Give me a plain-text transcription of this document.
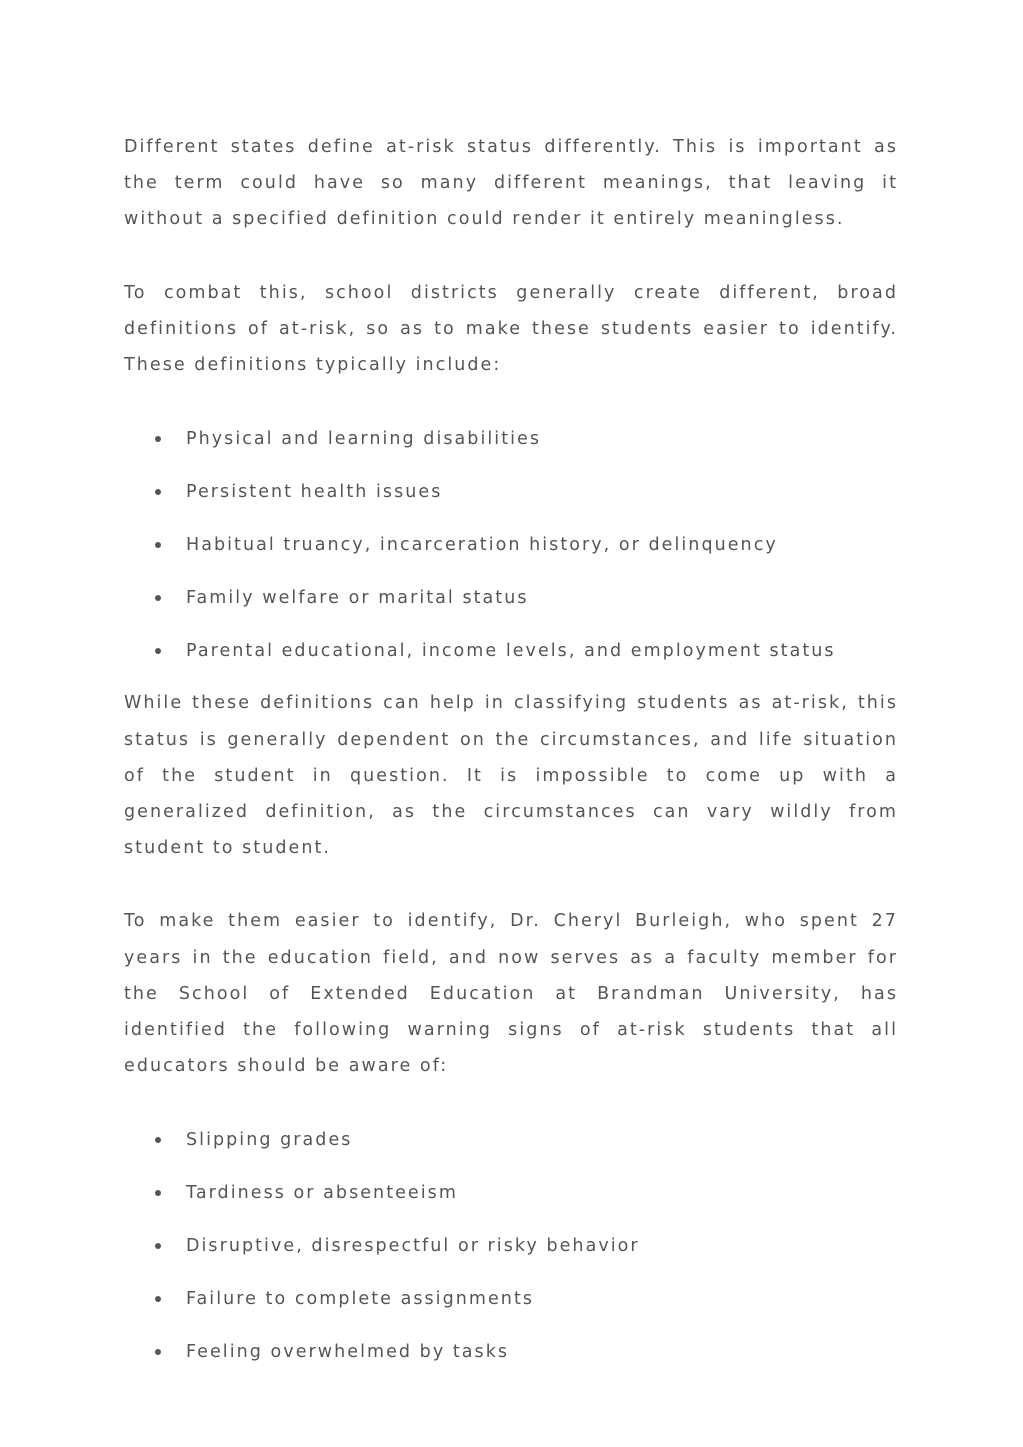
Different states define at-risk status differently. This is important as the term could have so many different meanings, that leaving it without a specified definition could render it entirely meaningless.

To combat this, school districts generally create different, broad definitions of at-risk, so as to make these students easier to identify. These definitions typically include:

Physical and learning disabilities
Persistent health issues
Habitual truancy, incarceration history, or delinquency
Family welfare or marital status
Parental educational, income levels, and employment status

While these definitions can help in classifying students as at-risk, this status is generally dependent on the circumstances, and life situation of the student in question. It is impossible to come up with a generalized definition, as the circumstances can vary wildly from student to student.

To make them easier to identify, Dr. Cheryl Burleigh, who spent 27 years in the education field, and now serves as a faculty member for the School of Extended Education at Brandman University, has identified the following warning signs of at-risk students that all educators should be aware of:

Slipping grades
Tardiness or absenteeism
Disruptive, disrespectful or risky behavior
Failure to complete assignments
Feeling overwhelmed by tasks
